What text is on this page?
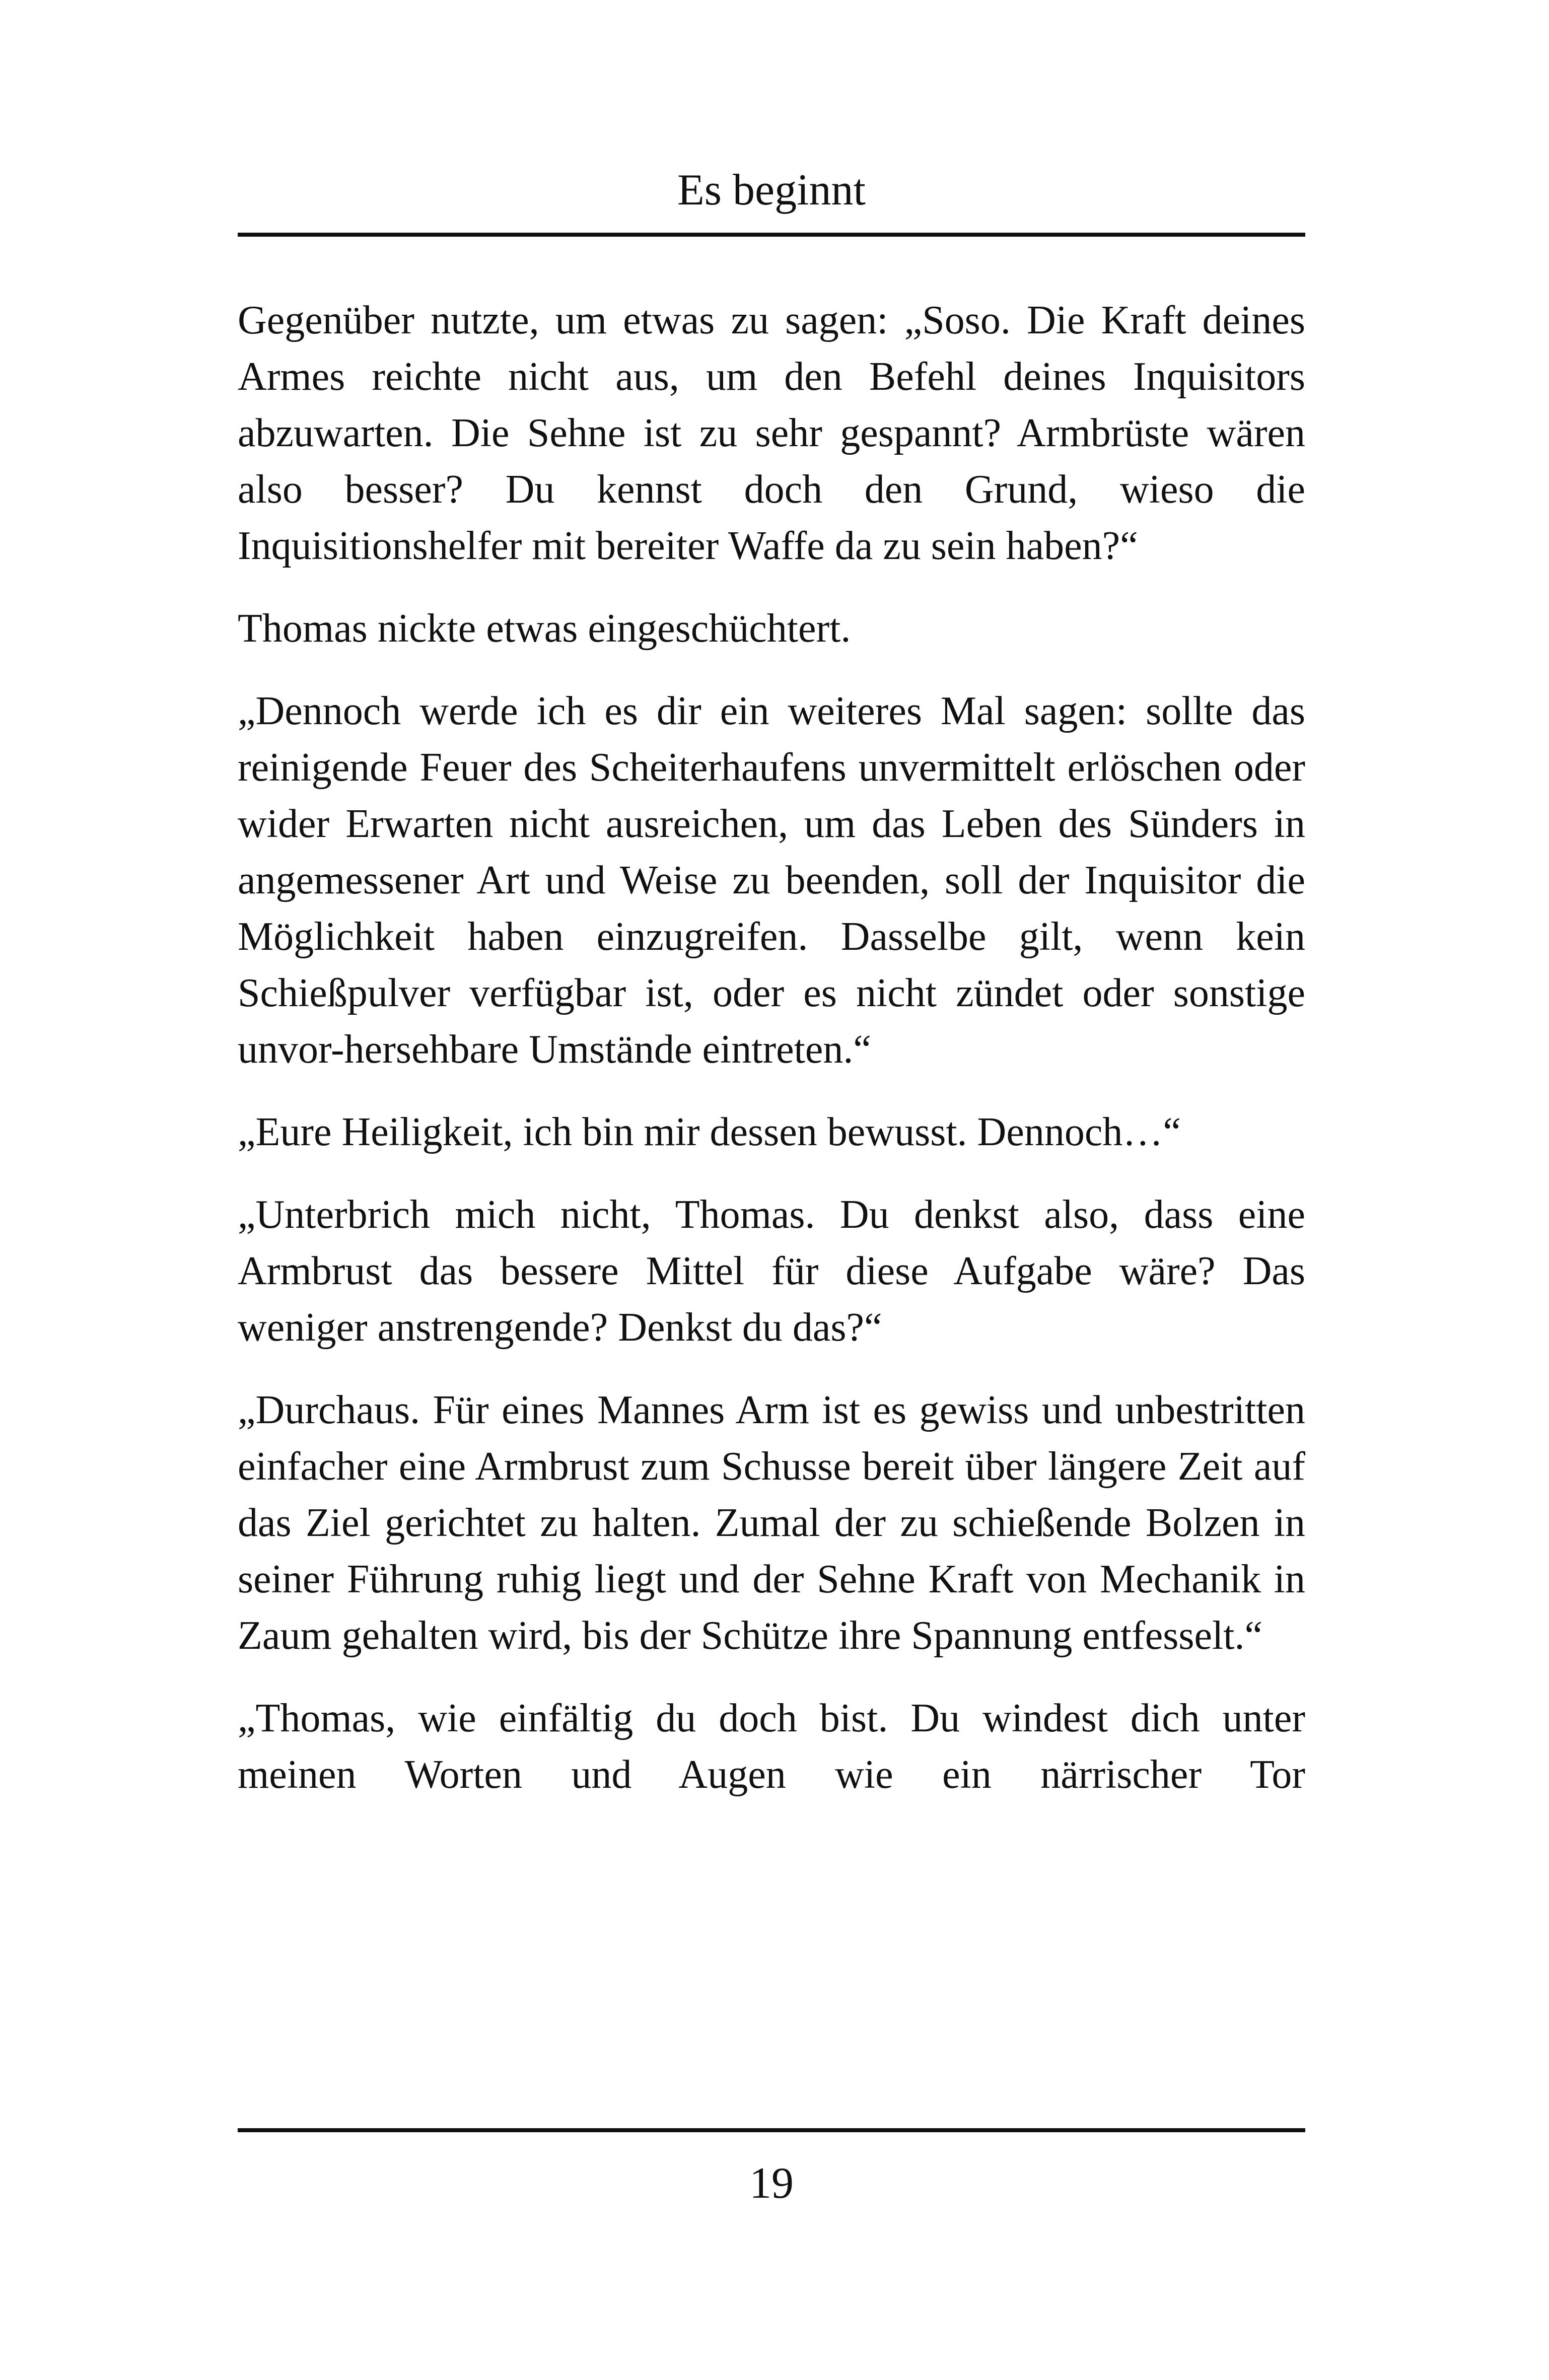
Es beginnt

Gegenüber nutzte, um etwas zu sagen: „Soso. Die Kraft deines Armes reichte nicht aus, um den Befehl deines Inquisitors abzuwarten. Die Sehne ist zu sehr gespannt? Armbrüste wären also besser? Du kennst doch den Grund, wieso die Inquisitionshelfer mit bereiter Waffe da zu sein haben?“

Thomas nickte etwas eingeschüchtert.

„Dennoch werde ich es dir ein weiteres Mal sagen: sollte das reinigende Feuer des Scheiterhaufens unvermittelt erlöschen oder wider Erwarten nicht ausreichen, um das Leben des Sünders in angemessener Art und Weise zu beenden, soll der Inquisitor die Möglichkeit haben einzugreifen. Dasselbe gilt, wenn kein Schießpulver verfügbar ist, oder es nicht zündet oder sonstige unvor-hersehbare Umstände eintreten.“

„Eure Heiligkeit, ich bin mir dessen bewusst. Dennoch…“

„Unterbrich mich nicht, Thomas. Du denkst also, dass eine Armbrust das bessere Mittel für diese Aufgabe wäre? Das weniger anstrengende? Denkst du das?“

„Durchaus. Für eines Mannes Arm ist es gewiss und unbestritten einfacher eine Armbrust zum Schusse bereit über längere Zeit auf das Ziel gerichtet zu halten. Zumal der zu schießende Bolzen in seiner Führung ruhig liegt und der Sehne Kraft von Mechanik in Zaum gehalten wird, bis der Schütze ihre Spannung entfesselt.“

„Thomas, wie einfältig du doch bist. Du windest dich unter meinen Worten und Augen wie ein närrischer Tor

19
